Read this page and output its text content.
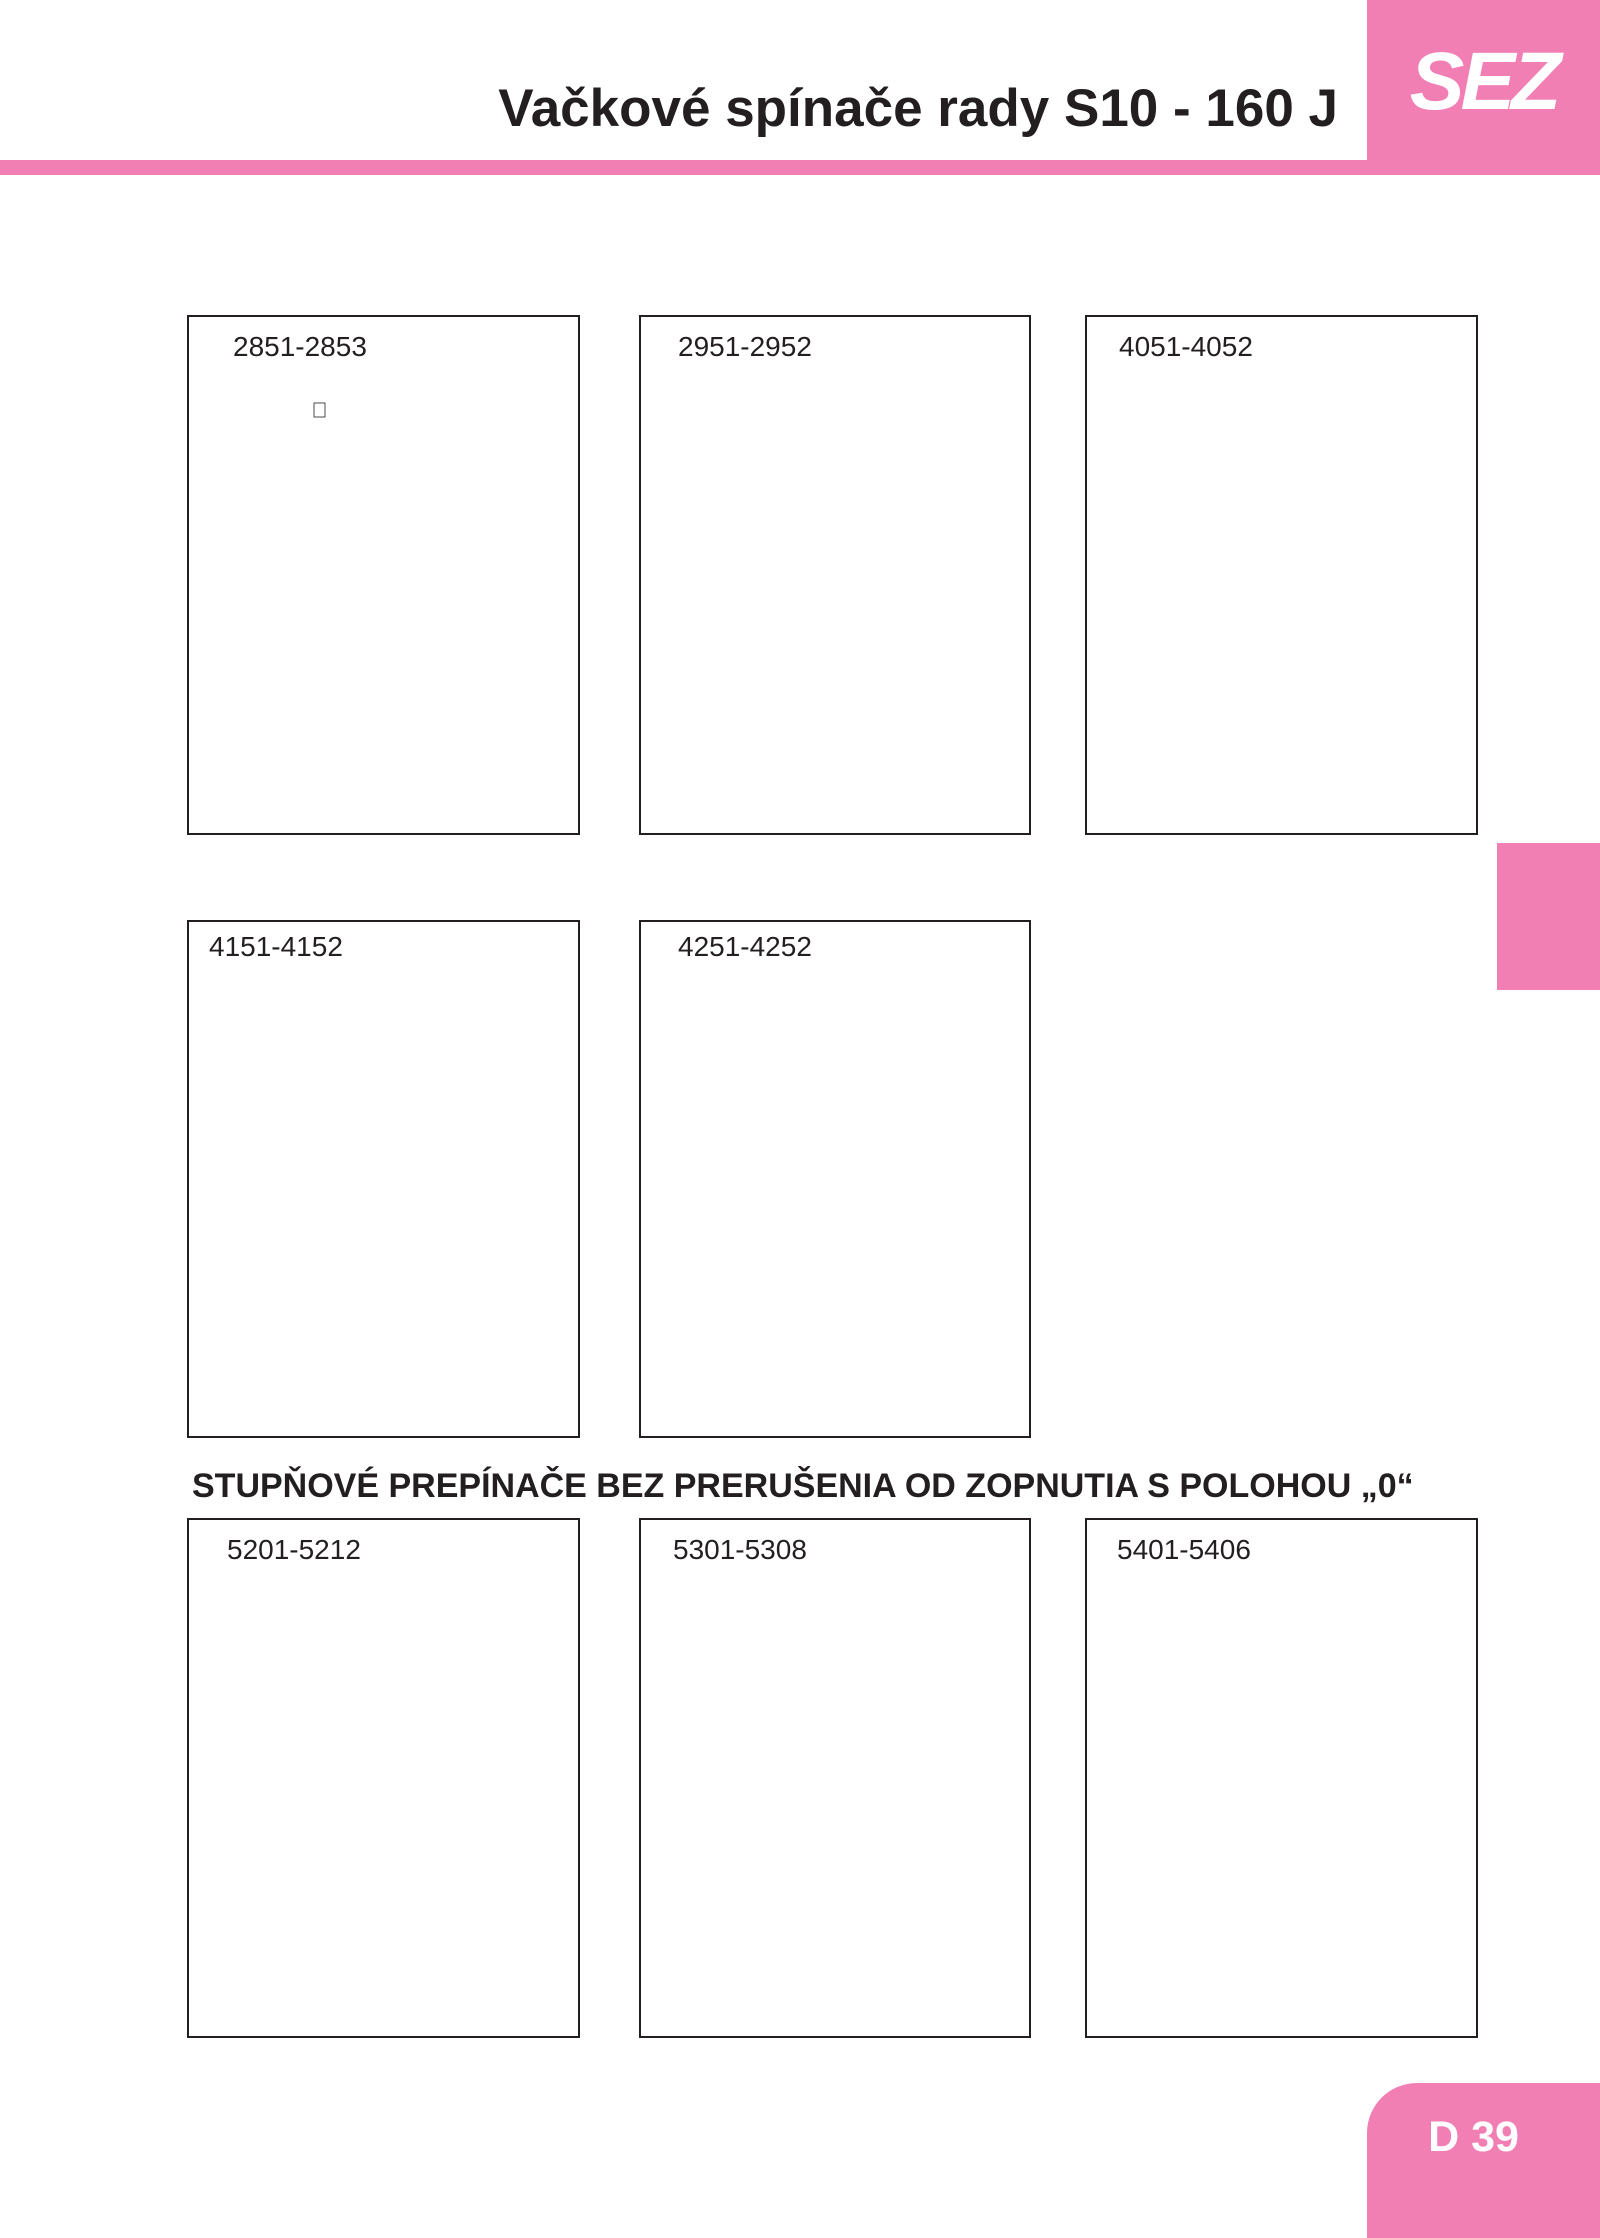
SEZ
Vačkové spínače rady S10 - 160 J
2851-2853	2951-2952	4051-4052
4151-4152	4251-4252
STUPŇOVÉ PREPÍNAČE BEZ PRERUŠENIA OD ZOPNUTIA S POLOHOU „0“
5201-5212	5301-5308	5401-5406
D 39
